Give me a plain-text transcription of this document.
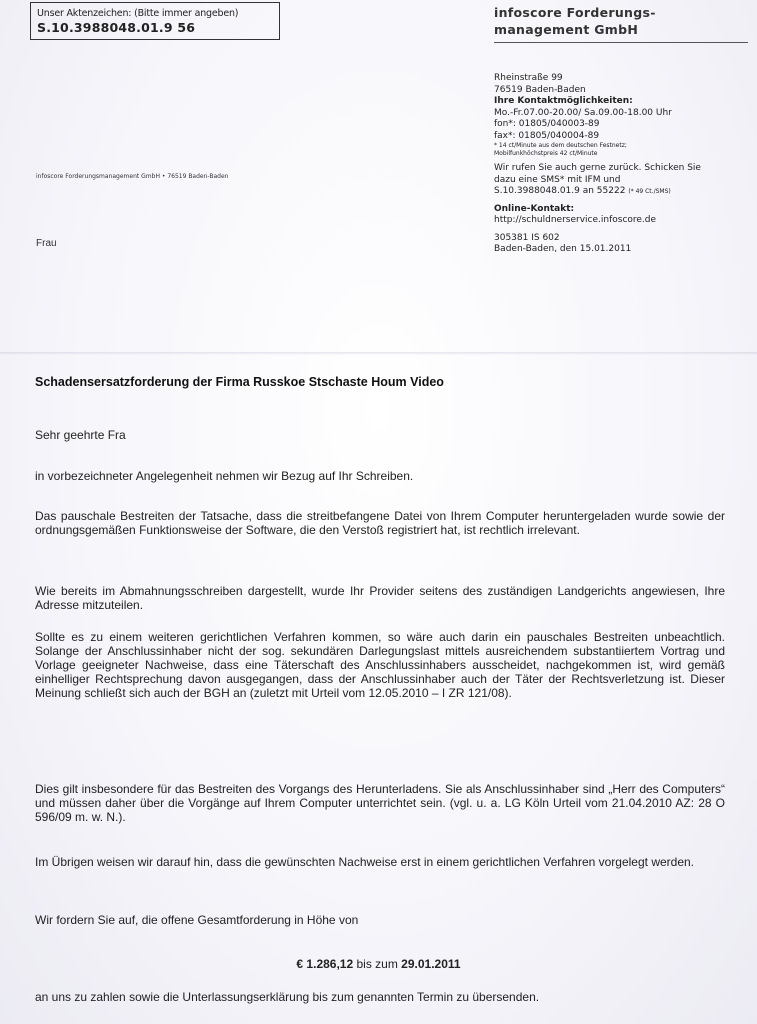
Unser Aktenzeichen: (Bitte immer angeben)
S.10.3988048.01.9 56
infoscore Forderungs-
management GmbH
Rheinstraße 99
76519 Baden-Baden
Ihre Kontaktmöglichkeiten:
Mo.-Fr.07.00-20.00/ Sa.09.00-18.00 Uhr
fon*: 01805/040003-89
fax*: 01805/040004-89
* 14 ct/Minute aus dem deutschen Festnetz;
Mobilfunkhöchstpreis 42 ct/Minute
Wir rufen Sie auch gerne zurück. Schicken Sie
dazu eine SMS* mit IFM und
S.10.3988048.01.9 an 55222 (* 49 Ct./SMS)
Online-Kontakt:
http://schuldnerservice.infoscore.de
305381 IS 602
Baden-Baden, den 15.01.2011
infoscore Forderungsmanagement GmbH • 76519 Baden-Baden
Frau
Schadensersatzforderung der Firma Russkoe Stschaste Houm Video
Sehr geehrte Fra
in vorbezeichneter Angelegenheit nehmen wir Bezug auf Ihr Schreiben.
Das pauschale Bestreiten der Tatsache, dass die streitbefangene Datei von Ihrem Computer heruntergeladen wurde sowie der ordnungsgemäßen Funktionsweise der Software, die den Verstoß registriert hat, ist rechtlich irrelevant.
Wie bereits im Abmahnungsschreiben dargestellt, wurde Ihr Provider seitens des zuständigen Landgerichts angewiesen, Ihre Adresse mitzuteilen.
Sollte es zu einem weiteren gerichtlichen Verfahren kommen, so wäre auch darin ein pauschales Bestreiten unbeachtlich. Solange der Anschlussinhaber nicht der sog. sekundären Darlegungslast mittels ausreichendem substantiiertem Vortrag und Vorlage geeigneter Nachweise, dass eine Täterschaft des Anschlussinhabers ausscheidet, nachgekommen ist, wird gemäß einhelliger Rechtsprechung davon ausgegangen, dass der Anschlussinhaber auch der Täter der Rechtsverletzung ist. Dieser Meinung schließt sich auch der BGH an (zuletzt mit Urteil vom 12.05.2010 – I ZR 121/08).
Dies gilt insbesondere für das Bestreiten des Vorgangs des Herunterladens. Sie als Anschlussinhaber sind „Herr des Computers“ und müssen daher über die Vorgänge auf Ihrem Computer unterrichtet sein. (vgl. u. a. LG Köln Urteil vom 21.04.2010 AZ: 28 O 596/09 m. w. N.).
Im Übrigen weisen wir darauf hin, dass die gewünschten Nachweise erst in einem gerichtlichen Verfahren vorgelegt werden.
Wir fordern Sie auf, die offene Gesamtforderung in Höhe von
€ 1.286,12 bis zum 29.01.2011
an uns zu zahlen sowie die Unterlassungserklärung bis zum genannten Termin zu übersenden.
